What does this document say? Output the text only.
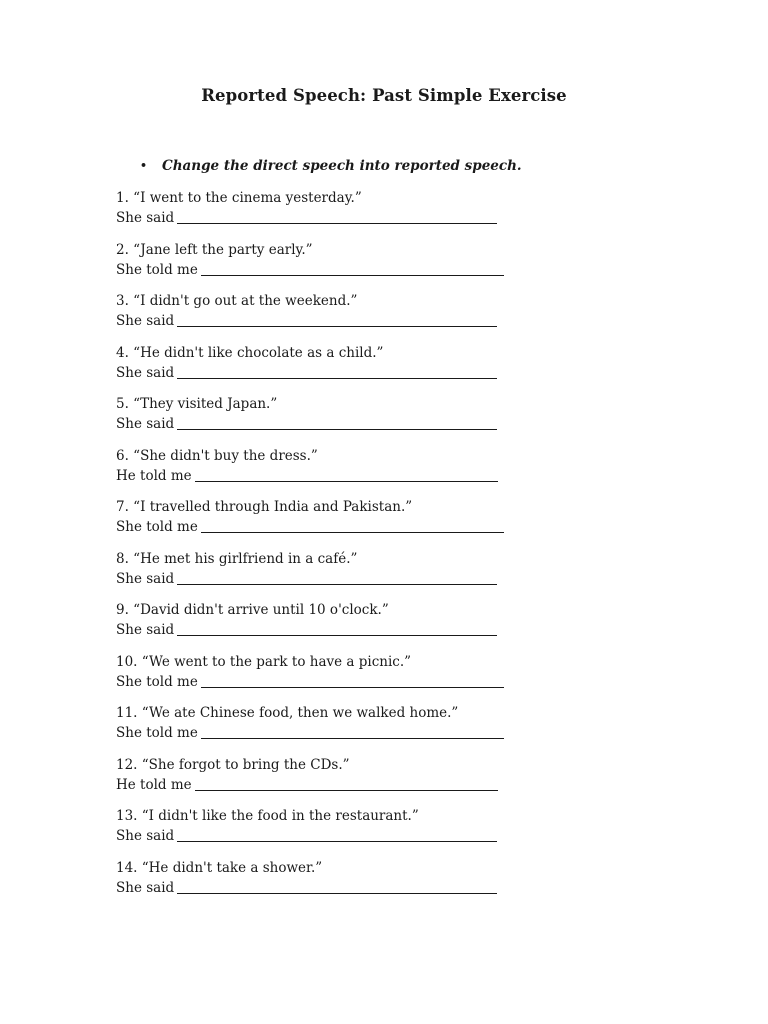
Reported Speech: Past Simple Exercise
• Change the direct speech into reported speech.
1. “I went to the cinema yesterday.”
She said
2. “Jane left the party early.”
She told me
3. “I didn't go out at the weekend.”
She said
4. “He didn't like chocolate as a child.”
She said
5. “They visited Japan.”
She said
6. “She didn't buy the dress.”
He told me
7. “I travelled through India and Pakistan.”
She told me
8. “He met his girlfriend in a café.”
She said
9. “David didn't arrive until 10 o'clock.”
She said
10. “We went to the park to have a picnic.”
She told me
11. “We ate Chinese food, then we walked home.”
She told me
12. “She forgot to bring the CDs.”
He told me
13. “I didn't like the food in the restaurant.”
She said
14. “He didn't take a shower.”
She said
